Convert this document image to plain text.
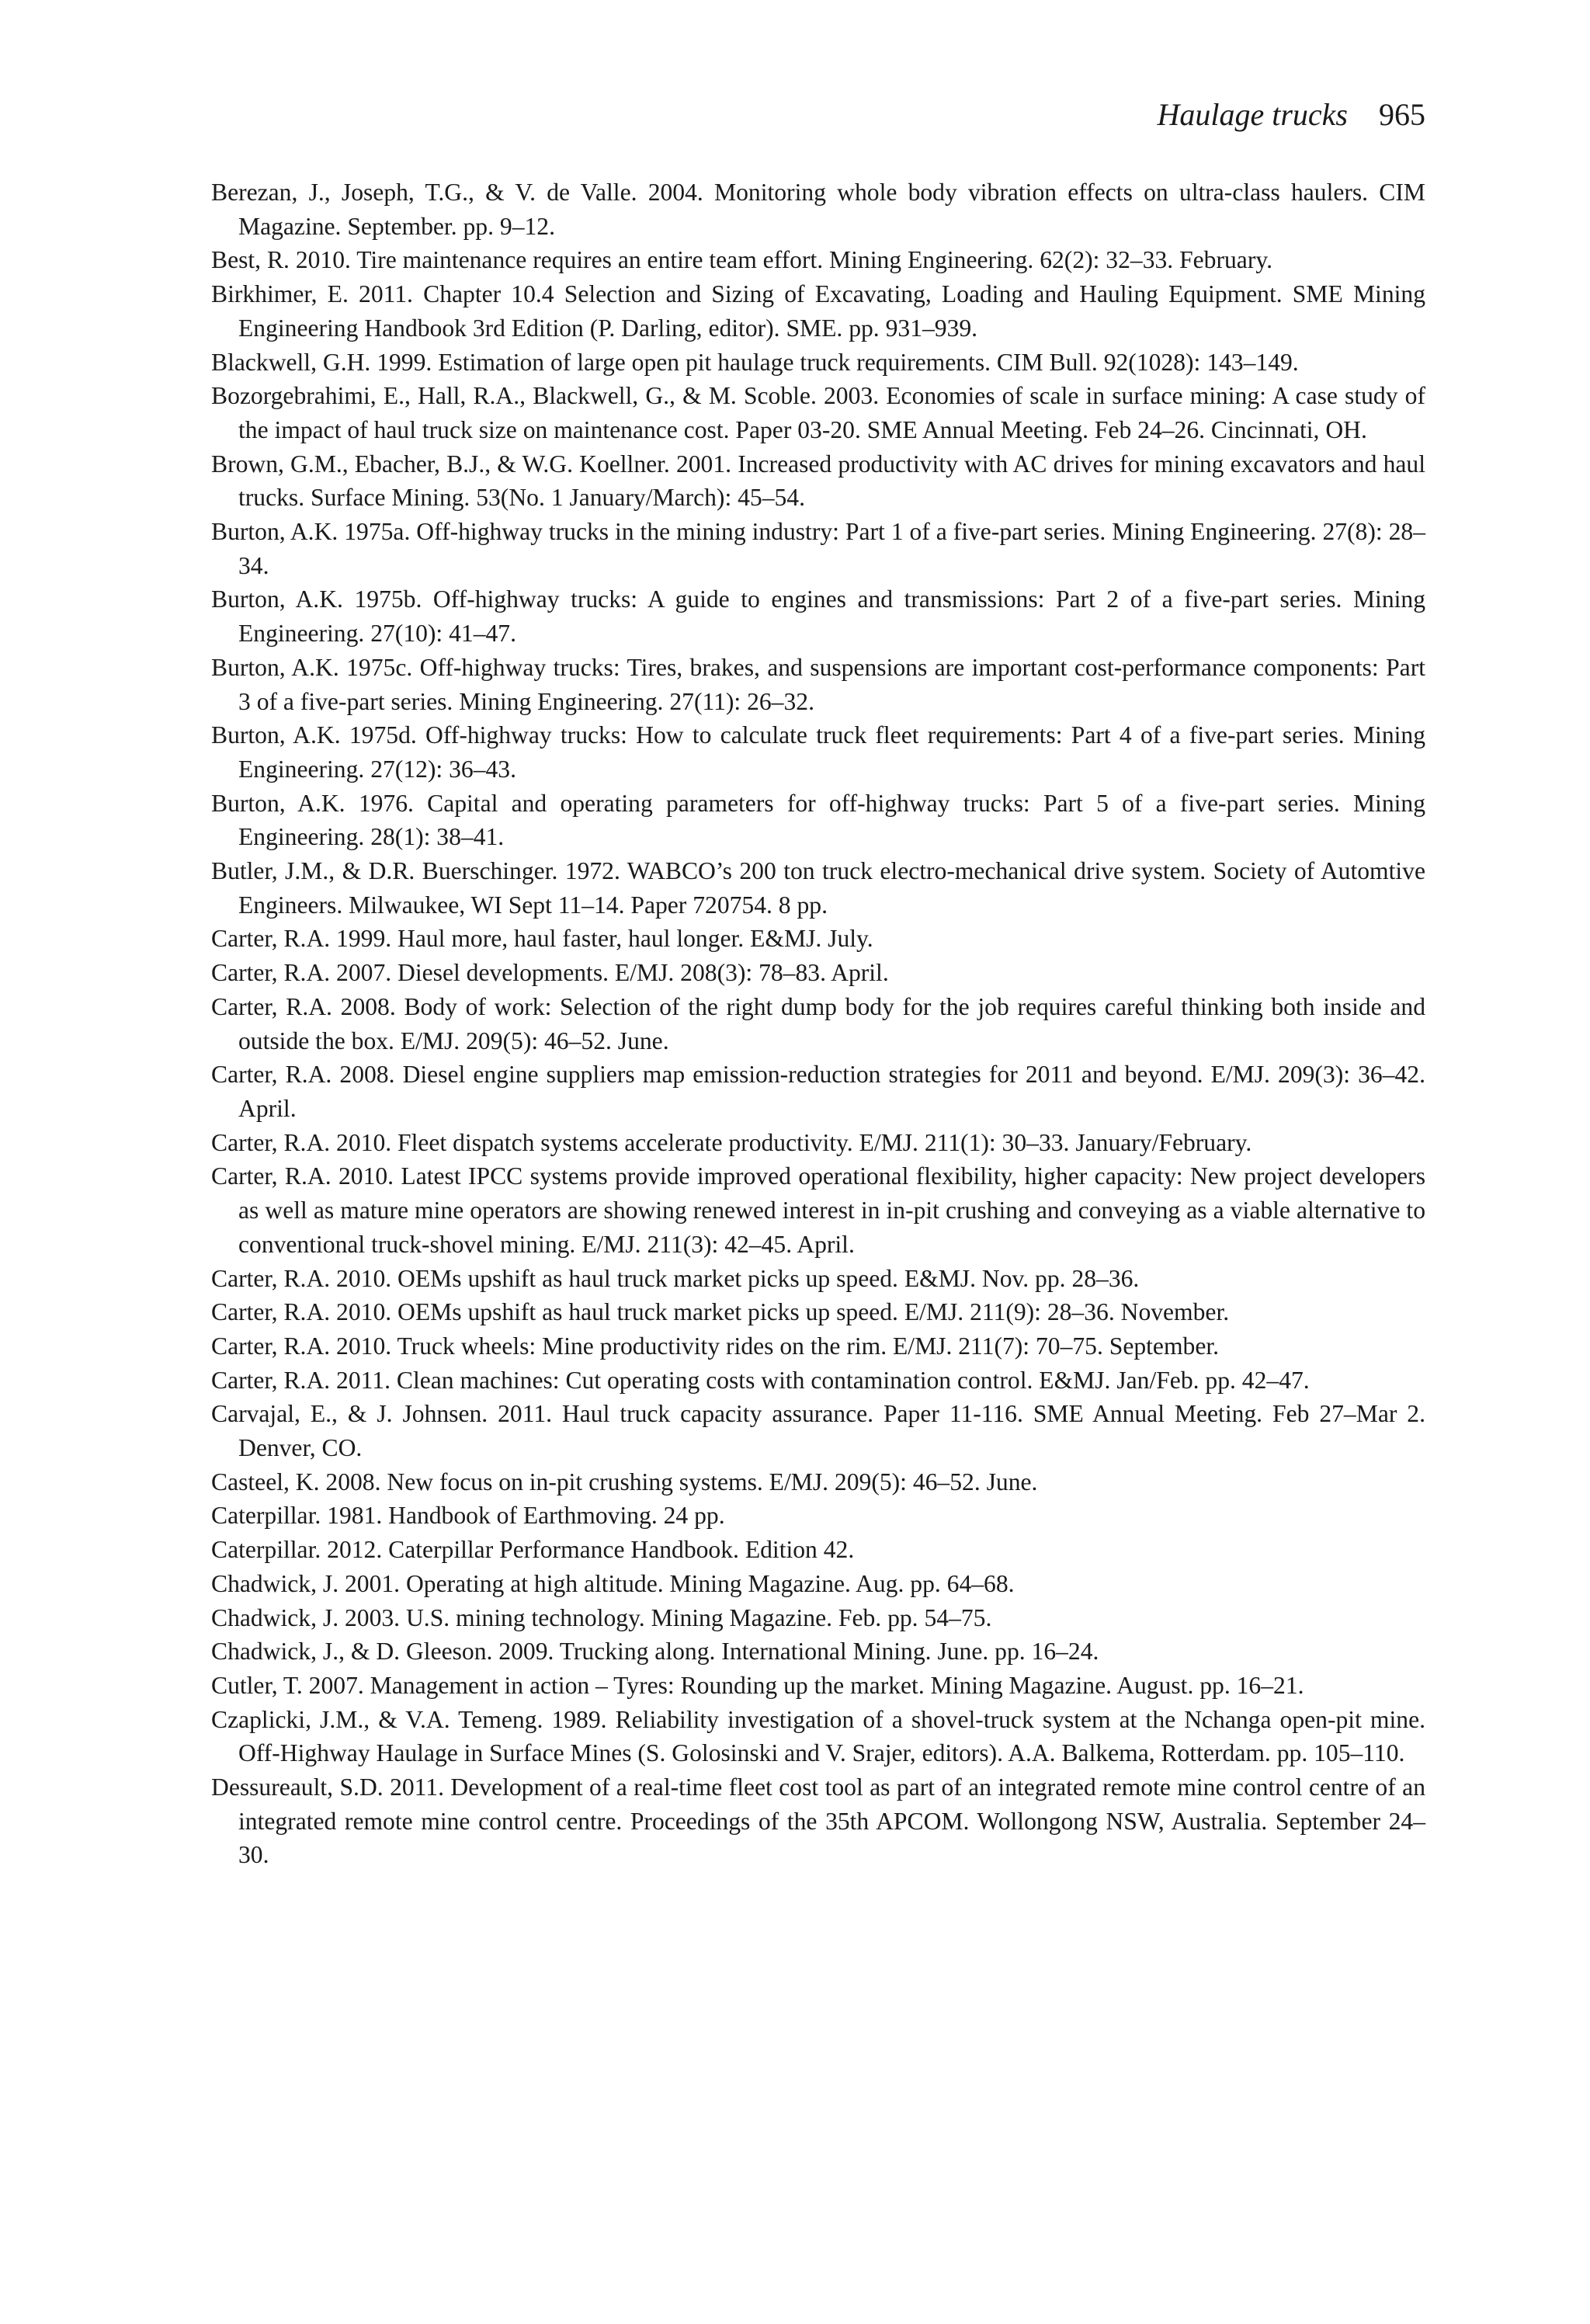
Haulage trucks 965
Berezan, J., Joseph, T.G., & V. de Valle. 2004. Monitoring whole body vibration effects on ultra-class haulers. CIM Magazine. September. pp. 9–12.
Best, R. 2010. Tire maintenance requires an entire team effort. Mining Engineering. 62(2): 32–33. February.
Birkhimer, E. 2011. Chapter 10.4 Selection and Sizing of Excavating, Loading and Hauling Equipment. SME Mining Engineering Handbook 3rd Edition (P. Darling, editor). SME. pp. 931–939.
Blackwell, G.H. 1999. Estimation of large open pit haulage truck requirements. CIM Bull. 92(1028): 143–149.
Bozorgebrahimi, E., Hall, R.A., Blackwell, G., & M. Scoble. 2003. Economies of scale in surface mining: A case study of the impact of haul truck size on maintenance cost. Paper 03-20. SME Annual Meeting. Feb 24–26. Cincinnati, OH.
Brown, G.M., Ebacher, B.J., & W.G. Koellner. 2001. Increased productivity with AC drives for mining excavators and haul trucks. Surface Mining. 53(No. 1 January/March): 45–54.
Burton, A.K. 1975a. Off-highway trucks in the mining industry: Part 1 of a five-part series. Mining Engineering. 27(8): 28–34.
Burton, A.K. 1975b. Off-highway trucks: A guide to engines and transmissions: Part 2 of a five-part series. Mining Engineering. 27(10): 41–47.
Burton, A.K. 1975c. Off-highway trucks: Tires, brakes, and suspensions are important cost-performance components: Part 3 of a five-part series. Mining Engineering. 27(11): 26–32.
Burton, A.K. 1975d. Off-highway trucks: How to calculate truck fleet requirements: Part 4 of a five-part series. Mining Engineering. 27(12): 36–43.
Burton, A.K. 1976. Capital and operating parameters for off-highway trucks: Part 5 of a five-part series. Mining Engineering. 28(1): 38–41.
Butler, J.M., & D.R. Buerschinger. 1972. WABCO’s 200 ton truck electro-mechanical drive system. Society of Automtive Engineers. Milwaukee, WI Sept 11–14. Paper 720754. 8 pp.
Carter, R.A. 1999. Haul more, haul faster, haul longer. E&MJ. July.
Carter, R.A. 2007. Diesel developments. E/MJ. 208(3): 78–83. April.
Carter, R.A. 2008. Body of work: Selection of the right dump body for the job requires careful thinking both inside and outside the box. E/MJ. 209(5): 46–52. June.
Carter, R.A. 2008. Diesel engine suppliers map emission-reduction strategies for 2011 and beyond. E/MJ. 209(3): 36–42. April.
Carter, R.A. 2010. Fleet dispatch systems accelerate productivity. E/MJ. 211(1): 30–33. January/February.
Carter, R.A. 2010. Latest IPCC systems provide improved operational flexibility, higher capacity: New project developers as well as mature mine operators are showing renewed interest in in-pit crushing and conveying as a viable alternative to conventional truck-shovel mining. E/MJ. 211(3): 42–45. April.
Carter, R.A. 2010. OEMs upshift as haul truck market picks up speed. E&MJ. Nov. pp. 28–36.
Carter, R.A. 2010. OEMs upshift as haul truck market picks up speed. E/MJ. 211(9): 28–36. November.
Carter, R.A. 2010. Truck wheels: Mine productivity rides on the rim. E/MJ. 211(7): 70–75. September.
Carter, R.A. 2011. Clean machines: Cut operating costs with contamination control. E&MJ. Jan/Feb. pp. 42–47.
Carvajal, E., & J. Johnsen. 2011. Haul truck capacity assurance. Paper 11-116. SME Annual Meeting. Feb 27–Mar 2. Denver, CO.
Casteel, K. 2008. New focus on in-pit crushing systems. E/MJ. 209(5): 46–52. June.
Caterpillar. 1981. Handbook of Earthmoving. 24 pp.
Caterpillar. 2012. Caterpillar Performance Handbook. Edition 42.
Chadwick, J. 2001. Operating at high altitude. Mining Magazine. Aug. pp. 64–68.
Chadwick, J. 2003. U.S. mining technology. Mining Magazine. Feb. pp. 54–75.
Chadwick, J., & D. Gleeson. 2009. Trucking along. International Mining. June. pp. 16–24.
Cutler, T. 2007. Management in action – Tyres: Rounding up the market. Mining Magazine. August. pp. 16–21.
Czaplicki, J.M., & V.A. Temeng. 1989. Reliability investigation of a shovel-truck system at the Nchanga open-pit mine. Off-Highway Haulage in Surface Mines (S. Golosinski and V. Srajer, editors). A.A. Balkema, Rotterdam. pp. 105–110.
Dessureault, S.D. 2011. Development of a real-time fleet cost tool as part of an integrated remote mine control centre of an integrated remote mine control centre. Proceedings of the 35th APCOM. Wollongong NSW, Australia. September 24–30.
